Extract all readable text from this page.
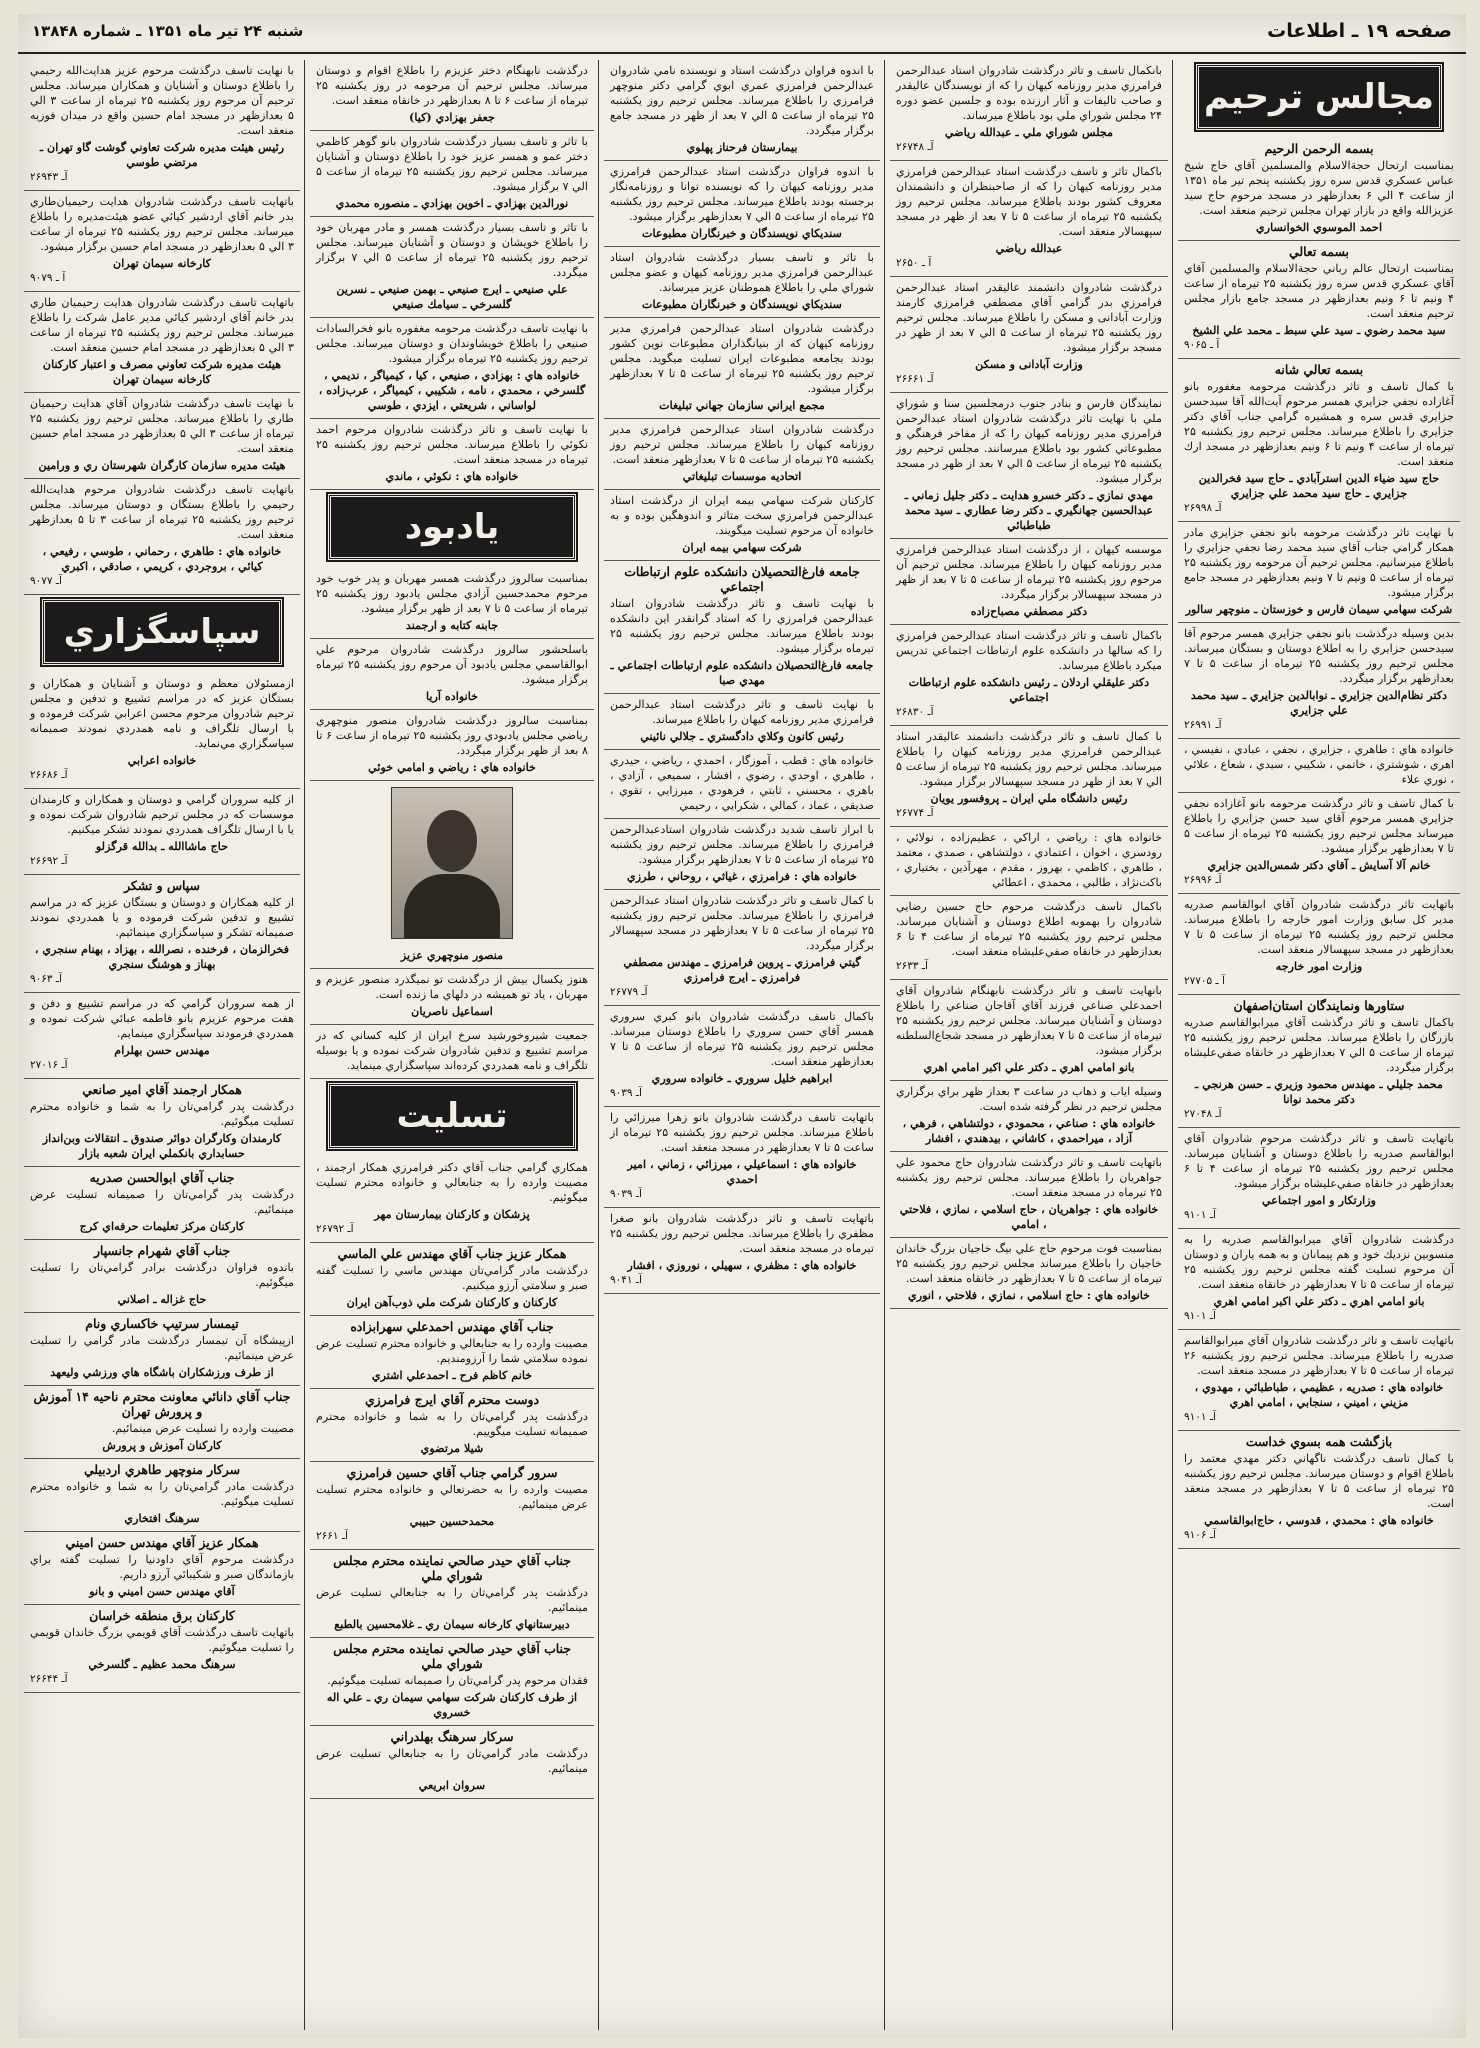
صفحه ۱۹ ـ اطلاعات
شنبه ۲۴ تیر ماه ۱۳۵۱ ـ شماره ۱۳۸۴۸
مجالس ترحيم
بسمه الرحمن الرحيم
بمناسبت ارتحال حجة‌الاسلام والمسلمين آقاي حاج شيخ عباس عسكري قدس سره روز يكشنبه پنجم تير ماه ۱۳۵۱ از ساعت ۴ الي ۶ بعدازظهر در مسجد مرحوم حاج سيد عزيزالله واقع در بازار تهران مجلس ترحيم منعقد است.
احمد الموسوي الخوانساري
بسمه تعالي
بمناسبت ارتحال عالم رباني حجة‌الاسلام والمسلمين آقاي آقاي عسكري قدس سره روز يكشنبه ۲۵ تيرماه از ساعت ۴ ونيم تا ۶ ونيم بعدازظهر در مسجد جامع بازار مجلس ترحيم منعقد است.
سيد محمد رضوي ـ سيد علي سبط ـ محمد علي الشيخ
آ ـ ۹۰۶۵
بسمه تعالي شانه
با كمال تاسف و تاثر درگذشت مرحومه مغفوره بانو آغازاده نجفي جزايري همسر مرحوم آيت‌الله آقا سيدحسن جزايري قدس سره و همشيره گرامي جناب آقاي دكتر جزايري را باطلاع ميرساند. مجلس ترحيم روز يكشنبه ۲۵ تيرماه از ساعت ۴ ونيم تا ۶ ونيم بعدازظهر در مسجد ارك منعقد است.
حاج سيد ضياء الدين استرآبادي ـ حاج سيد فخرالدين جزايري ـ حاج سيد محمد علي جزايري
آـ ۲۶۹۹۸
با نهايت تاثر درگذشت مرحومه بانو نجفي جزايري مادر همكار گرامي جناب آقاي سيد محمد رضا نجفي جزايري را باطلاع ميرسانيم. مجلس ترحيم آن مرحومه روز يكشنبه ۲۵ تيرماه از ساعت ۵ ونيم تا ۷ ونيم بعدازظهر در مسجد جامع برگزار ميشود.
شركت سهامي سيمان فارس و خوزستان ـ منوچهر سالور
بدين وسيله درگذشت بانو نجفي جزايري همسر مرحوم آقا سيدحسن جزايري را به اطلاع دوستان و بستگان ميرساند. مجلس ترحيم روز يكشنبه ۲۵ تيرماه از ساعت ۵ تا ۷ بعدازظهر برگزار ميگردد.
دكتر نظام‌الدين جزايري ـ نوابالدين جزايري ـ سيد محمد علي جزايري
آـ ۲۶۹۹۱
خانواده هاي : طاهري ، جزايري ، نجفي ، عبادي ، نفيسي ، اهري ، شوشتري ، خاتمي ، شكيبي ، سيدي ، شعاع ، علائي ، نوري علاء
با كمال تاسف و تاثر درگذشت مرحومه بانو آغازاده نجفي جزايري همسر مرحوم آقاي سيد حسن جزايري را باطلاع ميرساند مجلس ترحيم روز يكشنبه ۲۵ تيرماه از ساعت ۵ تا ۷ بعدازظهر برگزار ميشود.
خانم آلا آسايش ـ آقاي دكتر شمس‌الدين جزايري
آـ ۲۶۹۹۶
باتهايت تاثر درگذشت شادروان آقاي ابوالقاسم صدريه مدير كل سابق وزارت امور خارجه را باطلاع ميرساند. مجلس ترحيم روز يكشنبه ۲۵ تيرماه از ساعت ۵ تا ۷ بعدازظهر در مسجد سپهسالار منعقد است.
وزارت امور خارجه
آ ـ ۲۷۷۰۵
ستاورها ونمايندگان استان‌اصفهان
باكمال تاسف و تاثر درگذشت آقاي ميرابوالقاسم صدريه بازرگان را باطلاع ميرساند. مجلس ترحيم روز يكشنبه ۲۵ تيرماه از ساعت ۵ الي ۷ بعدازظهر در خانقاه صفي‌عليشاه برگزار ميگردد.
محمد جليلي ـ مهندس محمود وزيري ـ حسن هرنجي ـ دكتر محمد نوانا
آـ ۲۷۰۴۸
باتهايت تاسف و تاثر درگذشت مرحوم شادروان آقاي ابوالقاسم صدريه را باطلاع دوستان و آشنايان ميرساند. مجلس ترحيم روز يكشنبه ۲۵ تيرماه از ساعت ۴ تا ۶ بعدازظهر در خانقاه صفي‌عليشاه برگزار ميشود.
وزارتكار و امور اجتماعي
آـ ۹۱۰۱
درگذشت شادروان آقاي ميرابوالقاسم صدريه را به منسوبين نزديك خود و هم پيمانان و به همه ياران و دوستان آن مرحوم تسليت گفته مجلس ترحيم روز يكشنبه ۲۵ تيرماه از ساعت ۵ تا ۷ بعدازظهر در خانقاه منعقد است.
بانو امامي اهري ـ دكتر علي اكبر امامي اهري
آـ ۹۱۰۱
باتهايت تاسف و تاثر درگذشت شادروان آقاي ميرابوالقاسم صدريه را باطلاع ميرساند. مجلس ترحيم روز يكشنبه ۲۶ تيرماه از ساعت ۵ تا ۷ بعدازظهر در مسجد منعقد است.
خانواده هاي : صدريه ، عظيمي ، طباطبائي ، مهدوي ، مزيني ، اميني ، سنجابي ، امامي اهري
آـ ۹۱۰۱
بازگشت همه بسوي خداست
با كمال تاسف درگذشت ناگهاني دكتر مهدي معتمد را باطلاع اقوام و دوستان ميرساند. مجلس ترحيم روز يكشنبه ۲۵ تيرماه از ساعت ۵ تا ۷ بعدازظهر در مسجد منعقد است.
خانواده هاي : محمدي ، قدوسي ، حاج‌ابوالقاسمي
آـ ۹۱۰۶
بانكمال تاسف و تاثر درگذشت شادروان استاد عبدالرحمن فرامرزي مدير روزنامه كيهان را كه از نويسندگان عاليقدر و صاحب تاليفات و آثار ارزنده بوده و جلسين عضو دوره ۲۴ مجلس شوراي ملي بود باطلاع ميرساند.
مجلس شوراي ملي ـ عبدالله رياضي
آـ ۲۶۷۴۸
باكمال تاثر و تاسف درگذشت استاد عبدالرحمن فرامرزي مدير روزنامه كيهان را كه از صاحبنظران و دانشمندان معروف كشور بودند باطلاع ميرساند. مجلس ترحيم روز يكشنبه ۲۵ تيرماه از ساعت ۵ تا ۷ بعد از ظهر در مسجد سپهسالار منعقد است.
عبدالله رياضي
آ ـ ۲۶۵۰
درگذشت شادروان دانشمند عاليقدر استاد عبدالرحمن فرامرزي بدر گرامي آقاي مصطفي فرامرزي كارمند وزارت آبادانی و مسكن را باطلاع ميرساند. مجلس ترحيم روز يكشنبه ۲۵ تيرماه از ساعت ۵ الي ۷ بعد از ظهر در مسجد برگزار ميشود.
وزارت آبادانی و مسكن
آـ ۲۶۶۶۱
نمايندگان فارس و بنادر جنوب درمجلسين سنا و شوراي ملي با نهايت تاثر درگذشت شادروان استاد عبدالرحمن فرامرزي مدير روزنامه كيهان را كه از مفاخر فرهنگي و مطبوعاتي كشور بود باطلاع ميرسانند. مجلس ترحيم روز يكشنبه ۲۵ تيرماه از ساعت ۵ الي ۷ بعد از ظهر در مسجد برگزار ميشود.
مهدي نمازي ـ دكتر خسرو هدايت ـ دكتر جليل زماني ـ عبدالحسين جهانگيري ـ دكتر رضا عطاري ـ سيد محمد طباطبائي
موسسه كيهان ، از درگذشت استاد عبدالرحمن فرامرزي مدير روزنامه كيهان را باطلاع ميرساند. مجلس ترحيم آن مرحوم روز يكشنبه ۲۵ تيرماه از ساعت ۵ تا ۷ بعد از ظهر در مسجد سپهسالار برگزار ميگردد.
دكتر مصطفي مصباح‌زاده
باكمال تاسف و تاثر درگذشت استاد عبدالرحمن فرامرزي را كه سالها در دانشكده علوم ارتباطات اجتماعي تدريس ميكرد باطلاع ميرساند.
دكتر عليقلي اردلان ـ رئيس دانشكده علوم ارتباطات اجتماعي
آـ ۲۶۸۳۰
با كمال تاسف و تاثر درگذشت دانشمند عاليقدر استاد عبدالرحمن فرامرزي مدير روزنامه كيهان را باطلاع ميرساند. مجلس ترحيم روز يكشنبه ۲۵ تيرماه از ساعت ۵ الي ۷ بعد از ظهر در مسجد سپهسالار برگزار ميشود.
رئيس دانشگاه ملي ايران ـ پروفسور يويان
آـ ۲۶۷۷۴
خانواده هاي : رياضي ، اراكي ، عظيم‌زاده ، نولائي ، رودسري ، اخوان ، اعتمادي ، دولتشاهي ، صمدي ، معتمد ، طاهري ، كاظمي ، بهروز ، مقدم ، مهرآذين ، بختياري ، باكت‌نژاد ، طالبي ، محمدي ، اعطائي
باكمال تاسف درگذشت مرحوم حاج حسين رضايي شادروان را بهموبه اطلاع دوستان و آشنايان ميرساند. مجلس ترحيم روز يكشنبه ۲۵ تيرماه از ساعت ۴ تا ۶ بعدازظهر در خانقاه صفي‌عليشاه منعقد است.
آـ ۲۶۳۳
بانهايت تاسف و تاثر درگذشت نابهنگام شادروان آقاي احمدعلي صناعي فرزند آقاي آقاجان صناعي را باطلاع دوستان و آشنايان ميرساند. مجلس ترحيم روز يكشنبه ۲۵ تيرماه از ساعت ۵ تا ۷ بعدازظهر در مسجد شجاع‌السلطنه برگزار ميشود.
بانو امامي اهري ـ دكتر علي اكبر امامي اهري
وسيله اياب و ذهاب در ساعت ۳ بعداز ظهر براي برگزاري مجلس ترحيم در نظر گرفته شده است.
خانواده هاي : صناعي ، محمودي ، دولتشاهي ، فرهي ، آزاد ، ميراحمدي ، كاشاني ، بيدهندي ، افشار
باتهايت تاسف و تاثر درگذشت شادروان حاج محمود علي جواهريان را باطلاع ميرساند. مجلس ترحيم روز يكشنبه ۲۵ تيرماه در مسجد منعقد است.
خانواده هاي : جواهريان ، حاج اسلامي ، نمازي ، فلاحتي ، امامي
بمناسبت فوت مرحوم حاج علي بيگ خاجيان بزرگ خاندان خاجيان را باطلاع ميرساند مجلس ترحيم روز يكشنبه ۲۵ تيرماه از ساعت ۵ تا ۷ بعدازظهر در خانقاه منعقد است.
خانواده هاي : حاج اسلامي ، نمازي ، فلاحتي ، انوري
با اندوه فراوان درگذشت استاد و نويسنده نامي شادروان عبدالرحمن فرامرزي عمري ابوي گرامي دكتر منوچهر فرامرزي را باطلاع ميرساند. مجلس ترحيم روز يكشنبه ۲۵ تيرماه از ساعت ۵ الي ۷ بعد از ظهر در مسجد جامع برگزار ميگردد.
بيمارستان فرحناز پهلوي
با اندوه فراوان درگذشت استاد عبدالرحمن فرامرزي مدير روزنامه كيهان را كه نويسنده توانا و روزنامه‌نگار برجسته بودند باطلاع ميرساند. مجلس ترحيم روز يكشنبه ۲۵ تيرماه از ساعت ۵ الي ۷ بعدازظهر برگزار ميشود.
سنديكاي نويسندگان و خبرنگاران مطبوعات
با تاثر و تاسف بسيار درگذشت شادروان استاد عبدالرحمن فرامرزي مدير روزنامه كيهان و عضو مجلس شوراي ملي را باطلاع هموطنان عزيز ميرساند.
سنديكاي نويسندگان و خبرنگاران مطبوعات
درگذشت شادروان استاد عبدالرحمن فرامرزي مدير روزنامه كيهان كه از بنيانگذاران مطبوعات نوين كشور بودند بجامعه مطبوعات ايران تسليت ميگويد. مجلس ترحيم روز يكشنبه ۲۵ تيرماه از ساعت ۵ تا ۷ بعدازظهر برگزار ميشود.
مجمع ايراني سازمان جهاني تبليغات
درگذشت شادروان استاد عبدالرحمن فرامرزي مدير روزنامه كيهان را باطلاع ميرساند. مجلس ترحيم روز يكشنبه ۲۵ تيرماه از ساعت ۵ تا ۷ بعدازظهر منعقد است.
اتحاديه موسسات تبليغاتي
كاركنان شركت سهامي بيمه ايران از درگذشت استاد عبدالرحمن فرامرزي سخت متاثر و اندوهگين بوده و به خانواده آن مرحوم تسليت ميگويند.
شركت سهامي بيمه ايران
جامعه فارغ‌التحصيلان دانشكده علوم ارتباطات اجتماعي
با نهايت تاسف و تاثر درگذشت شادروان استاد عبدالرحمن فرامرزي را كه استاد گرانقدر اين دانشكده بودند باطلاع ميرساند. مجلس ترحيم روز يكشنبه ۲۵ تيرماه برگزار ميشود.
جامعه فارغ‌التحصيلان دانشكده علوم ارتباطات اجتماعي ـ مهدي صبا
با نهايت تاسف و تاثر درگذشت استاد عبدالرحمن فرامرزي مدير روزنامه كيهان را باطلاع ميرساند.
رئيس كانون وكلاي دادگستري ـ جلالي نائيني
خانواده هاي : قطب ، آموزگار ، احمدي ، رياضي ، حيدري ، طاهري ، اوحدي ، رضوي ، افشار ، سميعي ، آزادي ، باهري ، محسني ، ثابتي ، فرهودي ، ميرزايي ، تقوي ، صديقي ، عماد ، كمالي ، شكرايي ، رحيمي
با ابراز تاسف شديد درگذشت شادروان استادعبدالرحمن فرامرزي را باطلاع ميرساند. مجلس ترحيم روز يكشنبه ۲۵ تيرماه از ساعت ۵ تا ۷ بعدازظهر برگزار ميشود.
خانواده هاي : فرامرزي ، غياثي ، روحاني ، طرزي
با كمال تاسف و تاثر درگذشت شادروان استاد عبدالرحمن فرامرزي را باطلاع ميرساند. مجلس ترحيم روز يكشنبه ۲۵ تيرماه از ساعت ۵ تا ۷ بعدازظهر در مسجد سپهسالار برگزار ميگردد.
گيتي فرامرزي ـ پروين فرامرزي ـ مهندس مصطفي فرامرزي ـ ايرج فرامرزي
آـ ۲۶۷۷۹
باكمال تاسف درگذشت شادروان بانو كبري سروري همسر آقاي حسن سروري را باطلاع دوستان ميرساند. مجلس ترحيم روز يكشنبه ۲۵ تيرماه از ساعت ۵ تا ۷ بعدازظهر منعقد است.
ابراهيم خليل سروري ـ خانواده سروري
آـ ۹۰۳۹
باتهايت تاسف درگذشت شادروان بانو زهرا ميرزائي را باطلاع ميرساند. مجلس ترحيم روز يكشنبه ۲۵ تيرماه از ساعت ۵ تا ۷ بعدازظهر در مسجد منعقد است.
خانواده هاي : اسماعيلي ، ميرزائي ، زماني ، امير احمدي
آـ ۹۰۳۹
باتهايت تاسف و تاثر درگذشت شادروان بانو صغرا مظفري را باطلاع ميرساند. مجلس ترحيم روز يكشنبه ۲۵ تيرماه در مسجد منعقد است.
خانواده هاي : مظفري ، سهيلي ، نوروزي ، افشار
آـ ۹۰۴۱
درگذشت نابهنگام دختر عزيزم را باطلاع اقوام و دوستان ميرساند. مجلس ترحيم آن مرحومه در روز يكشنبه ۲۵ تيرماه از ساعت ۶ تا ۸ بعدازظهر در خانقاه منعقد است.
جعفر بهزادي (كيا)
با تاثر و تاسف بسيار درگذشت شادروان بانو گوهر كاظمي دختر عمو و همسر عزيز خود را باطلاع دوستان و آشنايان ميرساند. مجلس ترحيم روز يكشنبه ۲۵ تيرماه از ساعت ۵ الي ۷ برگزار ميشود.
نورالدين بهزادي ـ اخوين بهزادي ـ منصوره محمدي
با تاثر و تاسف بسيار درگذشت همسر و مادر مهربان خود را باطلاع خويشان و دوستان و آشنايان ميرساند. مجلس ترحيم روز يكشنبه ۲۵ تيرماه از ساعت ۵ الي ۷ برگزار ميگردد.
علي صنيعي ـ ايرج صنيعي ـ بهمن صنيعي ـ نسرين گلسرخي ـ سيامك صنيعي
با نهايت تاسف درگذشت مرحومه مغفوره بانو فخرالسادات صنيعي را باطلاع خويشاوندان و دوستان ميرساند. مجلس ترحيم روز يكشنبه ۲۵ تيرماه برگزار ميشود.
خانواده هاي : بهزادي ، صنيعي ، كيا ، كيمياگر ، نديمي ، گلسرخي ، محمدي ، نامه ، شكيبي ، كيمياگر ، عرب‌زاده ، لواساني ، شريعتي ، ايزدي ، طوسي
با نهايت تاسف و تاثر درگذشت شادروان مرحوم احمد نكوئي را باطلاع ميرساند. مجلس ترحيم روز يكشنبه ۲۵ تيرماه در مسجد منعقد است.
خانواده هاي : نكوئي ، ماندي
يادبود
بمناسبت سالروز درگذشت همسر مهربان و پدر خوب خود مرحوم محمدحسين آزادي مجلس يادبود روز يكشنبه ۲۵ تيرماه از ساعت ۵ تا ۷ بعد از ظهر برگزار ميشود.
جابنه كتابه و ارجمند
باسلحشور سالروز درگذشت شادروان مرحوم علي ابوالقاسمي مجلس يادبود آن مرحوم روز يكشنبه ۲۵ تيرماه برگزار ميشود.
خانواده آريا
بمناسبت سالروز درگذشت شادروان منصور منوچهري رياضي مجلس يادبودي روز يكشنبه ۲۵ تيرماه از ساعت ۶ تا ۸ بعد از ظهر برگزار ميگردد.
خانواده هاي : رياضي و امامي خوئي
منصور منوچهري عزيز
هنوز يكسال بيش از درگذشت تو نميگذرد منصور عزيزم و مهربان ، ياد تو هميشه در دلهاي ما زنده است.
اسماعيل ناصريان
جمعيت شيروخورشيد سرخ ايران از كليه كساني كه در مراسم تشييع و تدفين شادروان شركت نموده و يا بوسيله تلگراف و نامه همدردي كرده‌اند سپاسگزاري مينمايد.
تسليت
همكاري گرامي جناب آقاي دكتر فرامرزي همكار ارجمند ، مصيبت وارده را به جنابعالي و خانواده محترم تسليت ميگوئيم.
پزشكان و كاركنان بيمارستان مهر
آـ ۲۶۷۹۲
همكار عزيز جناب آقاي مهندس علي الماسي
درگذشت مادر گرامي‌تان مهندس ماسي را تسليت گفته صبر و سلامتي آرزو ميكنيم.
كاركنان و كاركنان شركت ملي ذوب‌آهن ايران
جناب آقاي مهندس احمدعلي سهرابزاده
مصيبت وارده را به جنابعالي و خانواده محترم تسليت عرض نموده سلامتي شما را آرزومنديم.
خانم كاظم فرح ـ احمدعلي اشتري
دوست محترم آقاي ايرج فرامرزي
درگذشت پدر گرامي‌تان را به شما و خانواده محترم صميمانه تسليت ميگوييم.
شيلا مرتضوي
سرور گرامي جناب آقاي حسين فرامرزي
مصيبت وارده را به حضرتعالي و خانواده محترم تسليت عرض مينمائيم.
محمدحسين حبيبي
آـ ۲۶۶۱
جناب آقاي حيدر صالحي نماينده محترم مجلس شوراي ملي
درگذشت پدر گرامي‌تان را به جنابعالي تسليت عرض مينمائيم.
دبيرستانهاي كارخانه سيمان ري ـ غلامحسين بالطبع
جناب آقاي حيدر صالحي نماينده محترم مجلس شوراي ملي
فقدان مرحوم پدر گرامي‌تان را صميمانه تسليت ميگوئيم.
از طرف كاركنان شركت سهامي سيمان ري ـ علي اله خسروي
سركار سرهنگ بهلدراني
درگذشت مادر گرامي‌تان را به جنابعالي تسليت عرض مينمائيم.
سروان ابريعي
با نهايت تاسف درگذشت مرحوم عزيز هدايت‌الله رحيمي را باطلاع دوستان و آشنايان و همكاران ميرساند. مجلس ترحيم آن مرحوم روز يكشنبه ۲۵ تيرماه از ساعت ۳ الي ۵ بعدازظهر در مسجد امام حسين واقع در ميدان فوزيه منعقد است.
رئيس هيئت مديره شركت تعاوني گوشت گاو تهران ـ مرتضي طوسي
آـ ۲۶۹۴۳
باتهايت تاسف درگذشت شادروان هدايت رحيميان‌طاري بدر خانم آقاي اردشير كيائي عضو هيئت‌مديره را باطلاع ميرساند. مجلس ترحيم روز يكشنبه ۲۵ تيرماه از ساعت ۳ الي ۵ بعدازظهر در مسجد امام حسين برگزار ميشود.
كارخانه سيمان تهران
آ ـ ۹۰۷۹
باتهايت تاسف درگذشت شادروان هدايت رحيميان طاري بدر خانم آقاي اردشير كيائي مدير عامل شركت را باطلاع ميرساند. مجلس ترحيم روز يكشنبه ۲۵ تيرماه از ساعت ۳ الي ۵ بعدازظهر در مسجد امام حسين منعقد است.
هيئت مديره شركت تعاوني مصرف و اعتبار كاركنان كارخانه سيمان تهران
با نهايت تاسف درگذشت شادروان آقاي هدايت رحيميان طاري را باطلاع ميرساند. مجلس ترحيم روز يكشنبه ۲۵ تيرماه از ساعت ۳ الي ۵ بعدازظهر در مسجد امام حسين منعقد است.
هيئت مديره سازمان كارگران شهرستان ري و ورامين
باتهايت تاسف درگذشت شادروان مرحوم هدايت‌الله رحيمي را باطلاع بستگان و دوستان ميرساند. مجلس ترحيم روز يكشنبه ۲۵ تيرماه از ساعت ۳ تا ۵ بعدازظهر منعقد است.
خانواده هاي : طاهري ، رحماني ، طوسي ، رفيعي ، كيائي ، بروجردي ، كريمي ، صادقي ، اكبري
آـ ۹۰۷۷
سپاسگزاري
ازمسئولان معظم و دوستان و آشنايان و همكاران و بستگان عزيز كه در مراسم تشييع و تدفين و مجلس ترحيم شادروان مرحوم محسن اعرابي شركت فرموده و با ارسال تلگراف و نامه همدردي نمودند صميمانه سپاسگزاري مي‌نمايد.
خانواده اعرابي
آـ ۲۶۶۸۶
از كليه سروران گرامي و دوستان و همكاران و كارمندان موسسات كه در مجلس ترحيم شادروان شركت نموده و يا با ارسال تلگراف همدردي نمودند تشكر ميكنيم.
حاج ماشاالله ـ بدالله قرگزلو
آـ ۲۶۶۹۲
سپاس و تشكر
از كليه همكاران و دوستان و بستگان عزيز كه در مراسم تشييع و تدفين شركت فرموده و يا همدردي نمودند صميمانه تشكر و سپاسگزاري مينمائيم.
فخرالزمان ، فرخنده ، نصرالله ، بهزاد ، بهنام سنجري ، بهناز و هوشنگ سنجري
آـ ۹۰۶۳
از همه سروران گرامي كه در مراسم تشييع و دفن و هفت مرحوم عزيزم بانو فاطمه عبائي شركت نموده و همدردي فرمودند سپاسگزاري مينمايم.
مهندس حسن بهلرام
آـ ۲۷۰۱۶
همكار ارجمند آقاي امير صانعي
درگذشت پدر گرامي‌تان را به شما و خانواده محترم تسليت ميگوئيم.
كارمندان وكارگران دوائر صندوق ـ انتقالات وبن‌انداز حسابداري بانكملي ايران شعبه بازار
جناب آقاي ابوالحسن صدريه
درگذشت پدر گرامي‌تان را صميمانه تسليت عرض مينمائيم.
كاركنان مركز تعليمات حرفه‌اي كرج
جناب آقاي شهرام جانسپار
باندوه فراوان درگذشت برادر گرامي‌تان را تسليت ميگوئيم.
حاج غزاله ـ اصلاني
تيمسار سرتيپ خاكساري ونام
ازپيشگاه آن تيمسار درگذشت مادر گرامي را تسليت عرض مينمائيم.
از طرف ورزشكاران باشگاه هاي ورزشي وليعهد
جناب آقاي دانائي معاونت محترم ناحيه ۱۴ آموزش و پرورش تهران
مصيبت وارده را تسليت عرض مينمائيم.
كاركنان آموزش و پرورش
سركار منوچهر طاهري اردبيلي
درگذشت مادر گرامي‌تان را به شما و خانواده محترم تسليت ميگوئيم.
سرهنگ افتخاري
همكار عزيز آقاي مهندس حسن اميني
درگذشت مرحوم آقاي داودنيا را تسليت گفته براي بازماندگان صبر و شكيبائي آرزو داريم.
آقاي مهندس حسن اميني و بانو
كاركنان برق منطقه خراسان
باتهايت تاسف درگذشت آقاي قويمي بزرگ خاندان قويمي را تسليت ميگوئيم.
سرهنگ محمد عظيم ـ گلسرخي
آـ ۲۶۶۴۴
